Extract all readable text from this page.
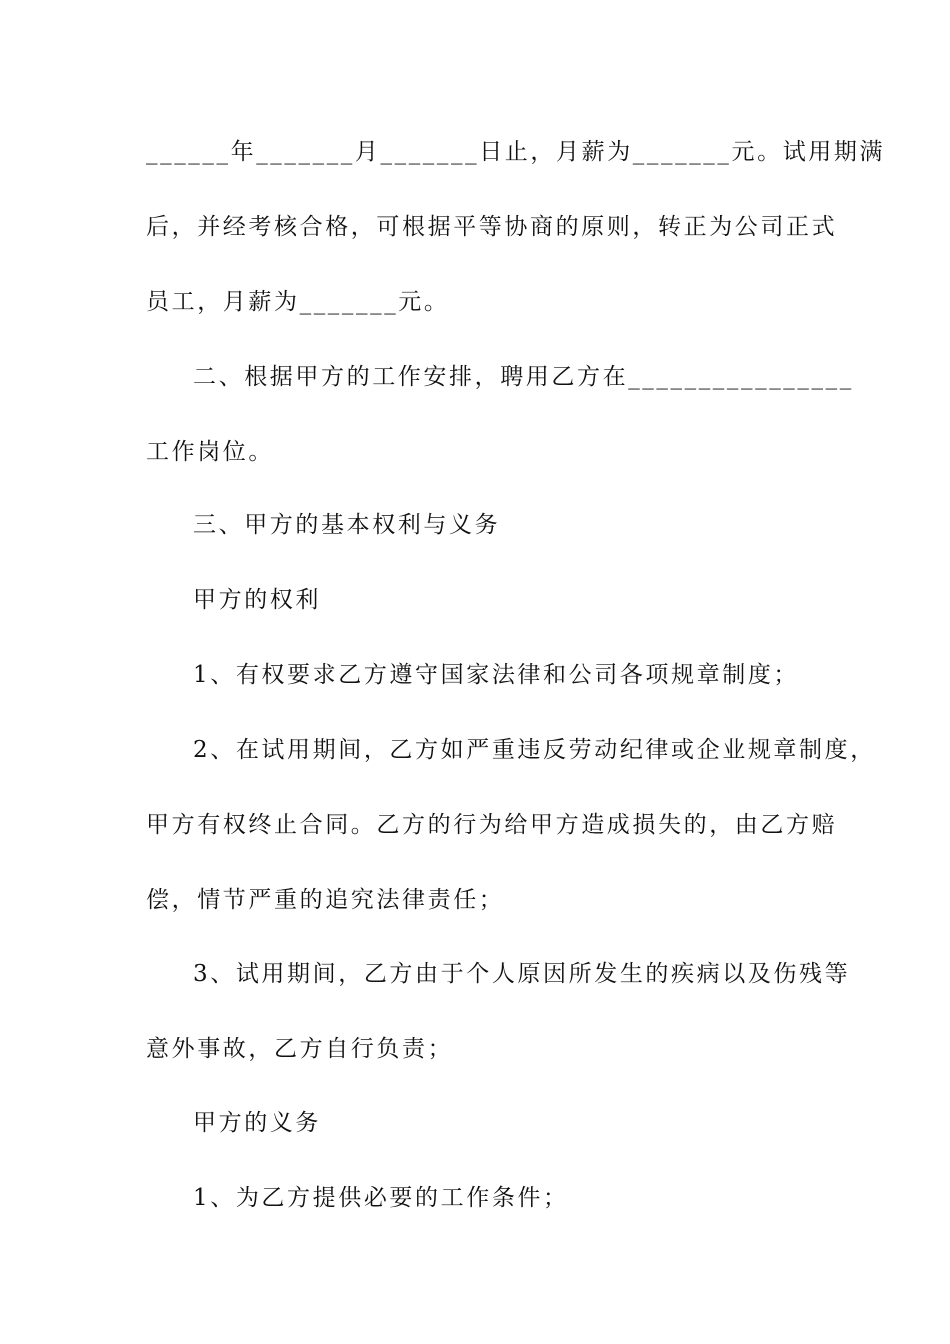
______年_______月_______日止，月薪为_______元。试用期满
后，并经考核合格，可根据平等协商的原则，转正为公司正式
员工，月薪为_______元。
二、根据甲方的工作安排，聘用乙方在________________
工作岗位。
三、甲方的基本权利与义务
甲方的权利
1、有权要求乙方遵守国家法律和公司各项规章制度；
2、在试用期间，乙方如严重违反劳动纪律或企业规章制度，
甲方有权终止合同。乙方的行为给甲方造成损失的，由乙方赔
偿，情节严重的追究法律责任；
3、试用期间，乙方由于个人原因所发生的疾病以及伤残等
意外事故，乙方自行负责；
甲方的义务
1、为乙方提供必要的工作条件；
